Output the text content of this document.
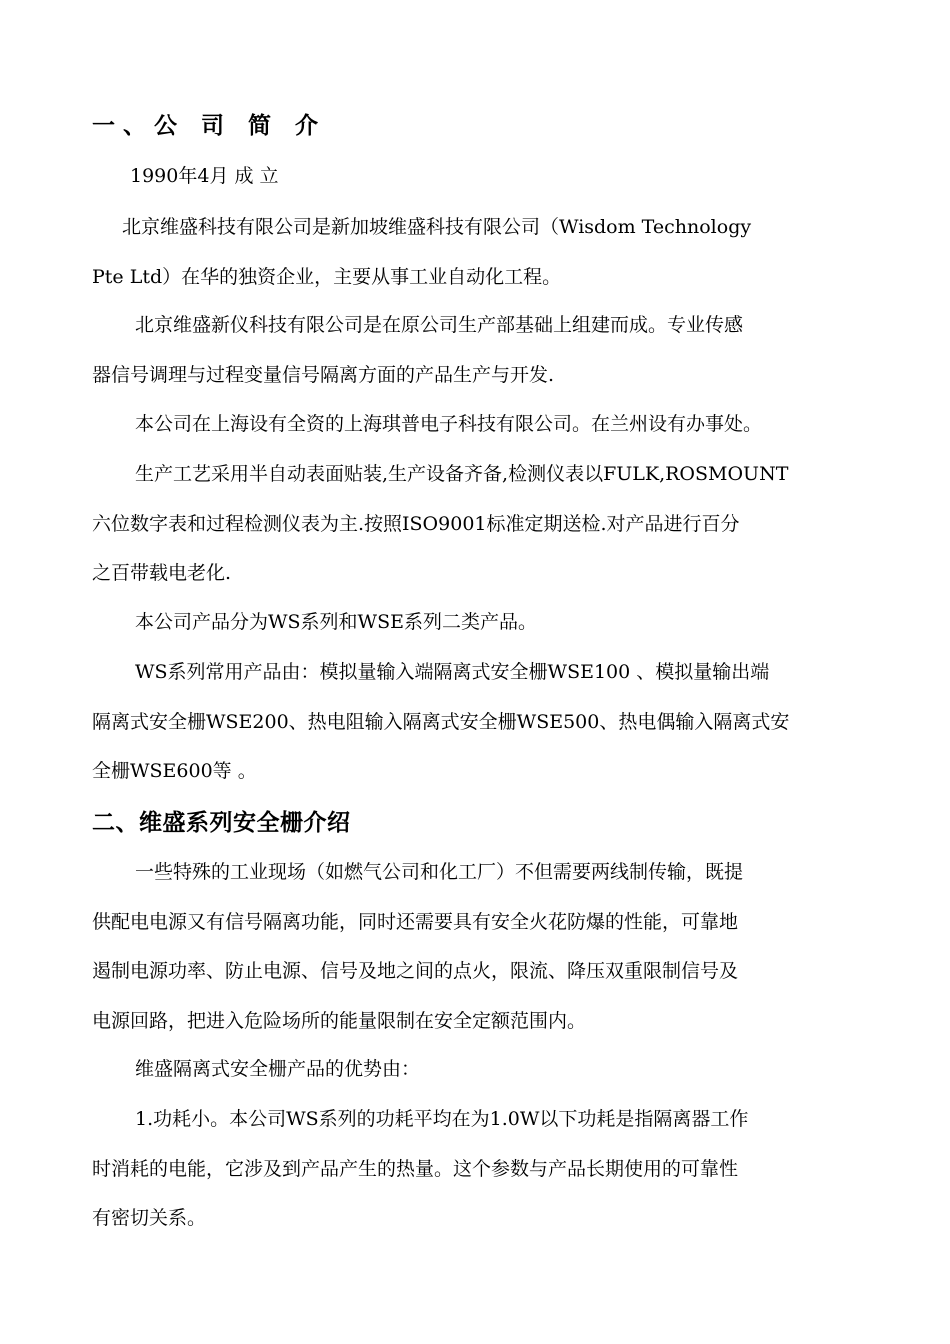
一、公 司 简 介
1990年4月 成 立
北京维盛科技有限公司是新加坡维盛科技有限公司（Wisdom Technology
Pte Ltd）在华的独资企业，主要从事工业自动化工程。
北京维盛新仪科技有限公司是在原公司生产部基础上组建而成。专业传感
器信号调理与过程变量信号隔离方面的产品生产与开发.
本公司在上海设有全资的上海琪普电子科技有限公司。在兰州设有办事处。
生产工艺采用半自动表面贴装,生产设备齐备,检测仪表以FULK,ROSMOUNT
六位数字表和过程检测仪表为主.按照ISO9001标准定期送检.对产品进行百分
之百带载电老化.
本公司产品分为WS系列和WSE系列二类产品。
WS系列常用产品由：模拟量输入端隔离式安全栅WSE100 、模拟量输出端
隔离式安全栅WSE200、热电阻输入隔离式安全栅WSE500、热电偶输入隔离式安
全栅WSE600等 。
二、维盛系列安全栅介绍
一些特殊的工业现场（如燃气公司和化工厂）不但需要两线制传输，既提
供配电电源又有信号隔离功能，同时还需要具有安全火花防爆的性能，可靠地
遏制电源功率、防止电源、信号及地之间的点火，限流、降压双重限制信号及
电源回路，把进入危险场所的能量限制在安全定额范围内。
维盛隔离式安全栅产品的优势由：
1.功耗小。本公司WS系列的功耗平均在为1.0W以下功耗是指隔离器工作
时消耗的电能，它涉及到产品产生的热量。这个参数与产品长期使用的可靠性
有密切关系。
